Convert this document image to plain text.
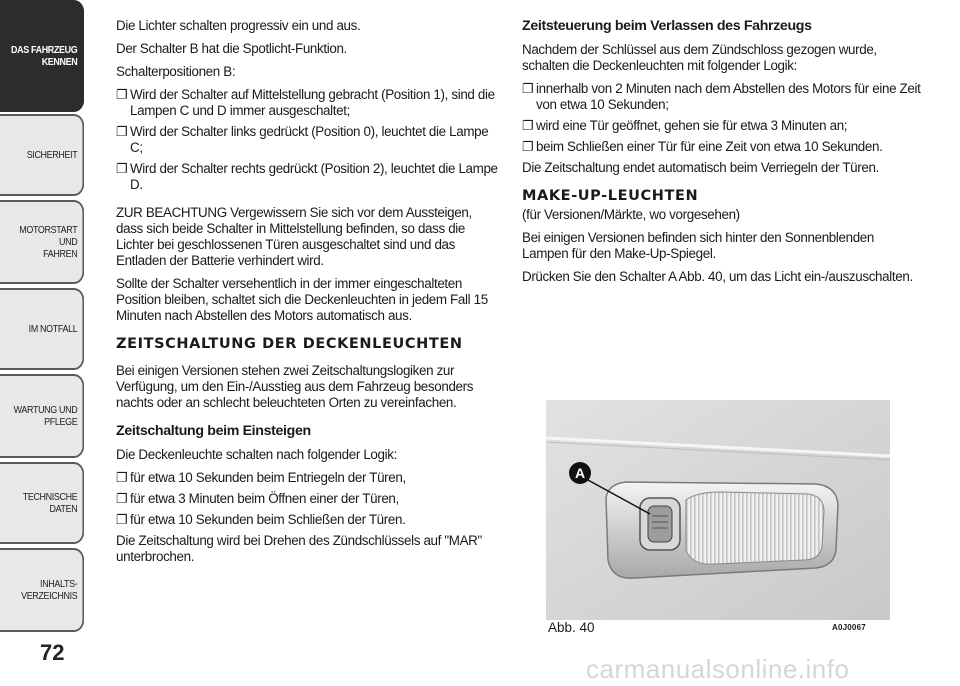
DAS FAHRZEUG
KENNEN
SICHERHEIT
MOTORSTART UND
FAHREN
IM NOTFALL
WARTUNG UND
PFLEGE
TECHNISCHE DATEN
INHALTS-
VERZEICHNIS
72

Die Lichter schalten progressiv ein und aus.

Der Schalter B hat die Spotlicht-Funktion.

Schalterpositionen B:

❐ Wird der Schalter auf Mittelstellung gebracht (Position 1), sind die Lampen C und D immer ausgeschaltet;
❐ Wird der Schalter links gedrückt (Position 0), leuchtet die Lampe C;
❐ Wird der Schalter rechts gedrückt (Position 2), leuchtet die Lampe D.

ZUR BEACHTUNG Vergewissern Sie sich vor dem Aussteigen, dass sich beide Schalter in Mittelstellung befinden, so dass die Lichter bei geschlossenen Türen ausgeschaltet sind und das Entladen der Batterie verhindert wird.

Sollte der Schalter versehentlich in der immer eingeschalteten Position bleiben, schaltet sich die Deckenleuchten in jedem Fall 15 Minuten nach Abstellen des Motors automatisch aus.

ZEITSCHALTUNG DER DECKENLEUCHTEN

Bei einigen Versionen stehen zwei Zeitschaltungslogiken zur Verfügung, um den Ein-/Ausstieg aus dem Fahrzeug besonders nachts oder an schlecht beleuchteten Orten zu vereinfachen.

Zeitschaltung beim Einsteigen

Die Deckenleuchte schalten nach folgender Logik:

❐ für etwa 10 Sekunden beim Entriegeln der Türen,
❐ für etwa 3 Minuten beim Öffnen einer der Türen,
❐ für etwa 10 Sekunden beim Schließen der Türen.

Die Zeitschaltung wird bei Drehen des Zündschlüssels auf "MAR" unterbrochen.

Zeitsteuerung beim Verlassen des Fahrzeugs

Nachdem der Schlüssel aus dem Zündschloss gezogen wurde, schalten die Deckenleuchten mit folgender Logik:

❐ innerhalb von 2 Minuten nach dem Abstellen des Motors für eine Zeit von etwa 10 Sekunden;
❐ wird eine Tür geöffnet, gehen sie für etwa 3 Minuten an;
❐ beim Schließen einer Tür für eine Zeit von etwa 10 Sekunden.

Die Zeitschaltung endet automatisch beim Verriegeln der Türen.

MAKE-UP-LEUCHTEN

(für Versionen/Märkte, wo vorgesehen)

Bei einigen Versionen befinden sich hinter den Sonnenblenden Lampen für den Make-Up-Spiegel.

Drücken Sie den Schalter A Abb. 40, um das Licht ein-/auszuschalten.

A
Abb. 40	A0J0067
carmanualsonline.info
